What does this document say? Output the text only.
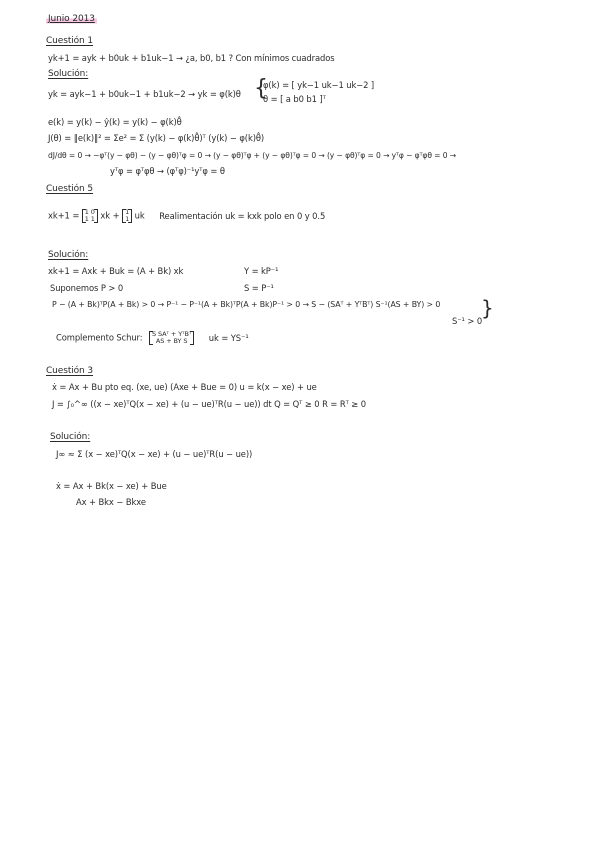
Junio 2013
Cuestión 1
yk+1 = ayk + b0uk + b1uk−1 → ¿a, b0, b1 ? Con mínimos cuadrados
Solución:
yk = ayk−1 + b0uk−1 + b1uk−2 → yk = φ(k)θ {
φ(k) = [ yk−1 uk−1 uk−2 ]
θ = [ a b0 b1 ]ᵀ
e(k) = y(k) − ŷ(k) = y(k) − φ(k)θ̂
J(θ) = ‖e(k)‖² = Σe² = Σ (y(k) − φ(k)θ̂)ᵀ (y(k) − φ(k)θ̂)
dJ/dθ = 0 → −φᵀ(y − φθ) − (y − φθ)ᵀφ = 0 → (y − φθ)ᵀφ + (y − φθ)ᵀφ = 0 → (y − φθ)ᵀφ = 0 → yᵀφ − φᵀφθ = 0 →
yᵀφ = φᵀφθ → (φᵀφ)⁻¹yᵀφ = θ
Cuestión 5
xk+1 = 1 0
1 1 xk + 1
1 uk Realimentación uk = kxk polo en 0 y 0.5
Solución:
xk+1 = Axk + Buk = (A + Bk) xk	Y = kP⁻¹
Suponemos P > 0	S = P⁻¹
P − (A + Bk)ᵀP(A + Bk) > 0 → P⁻¹ − P⁻¹(A + Bk)ᵀP(A + Bk)P⁻¹ > 0 → S − (SAᵀ + YᵀBᵀ) S⁻¹(AS + BY) > 0
S⁻¹ > 0
}
Complemento Schur: S SAᵀ + YᵀBᵀ
AS + BY S	uk = YS⁻¹
Cuestión 3
ẋ = Ax + Bu pto eq. (xe, ue) (Axe + Bue = 0) u = k(x − xe) + ue
J = ∫₀^∞ ((x − xe)ᵀQ(x − xe) + (u − ue)ᵀR(u − ue)) dt Q = Qᵀ ≥ 0 R = Rᵀ ≥ 0
Solución:
J∞ ≈ Σ (x − xe)ᵀQ(x − xe) + (u − ue)ᵀR(u − ue))
ẋ = Ax + Bk(x − xe) + Bue
Ax + Bkx − Bkxe
